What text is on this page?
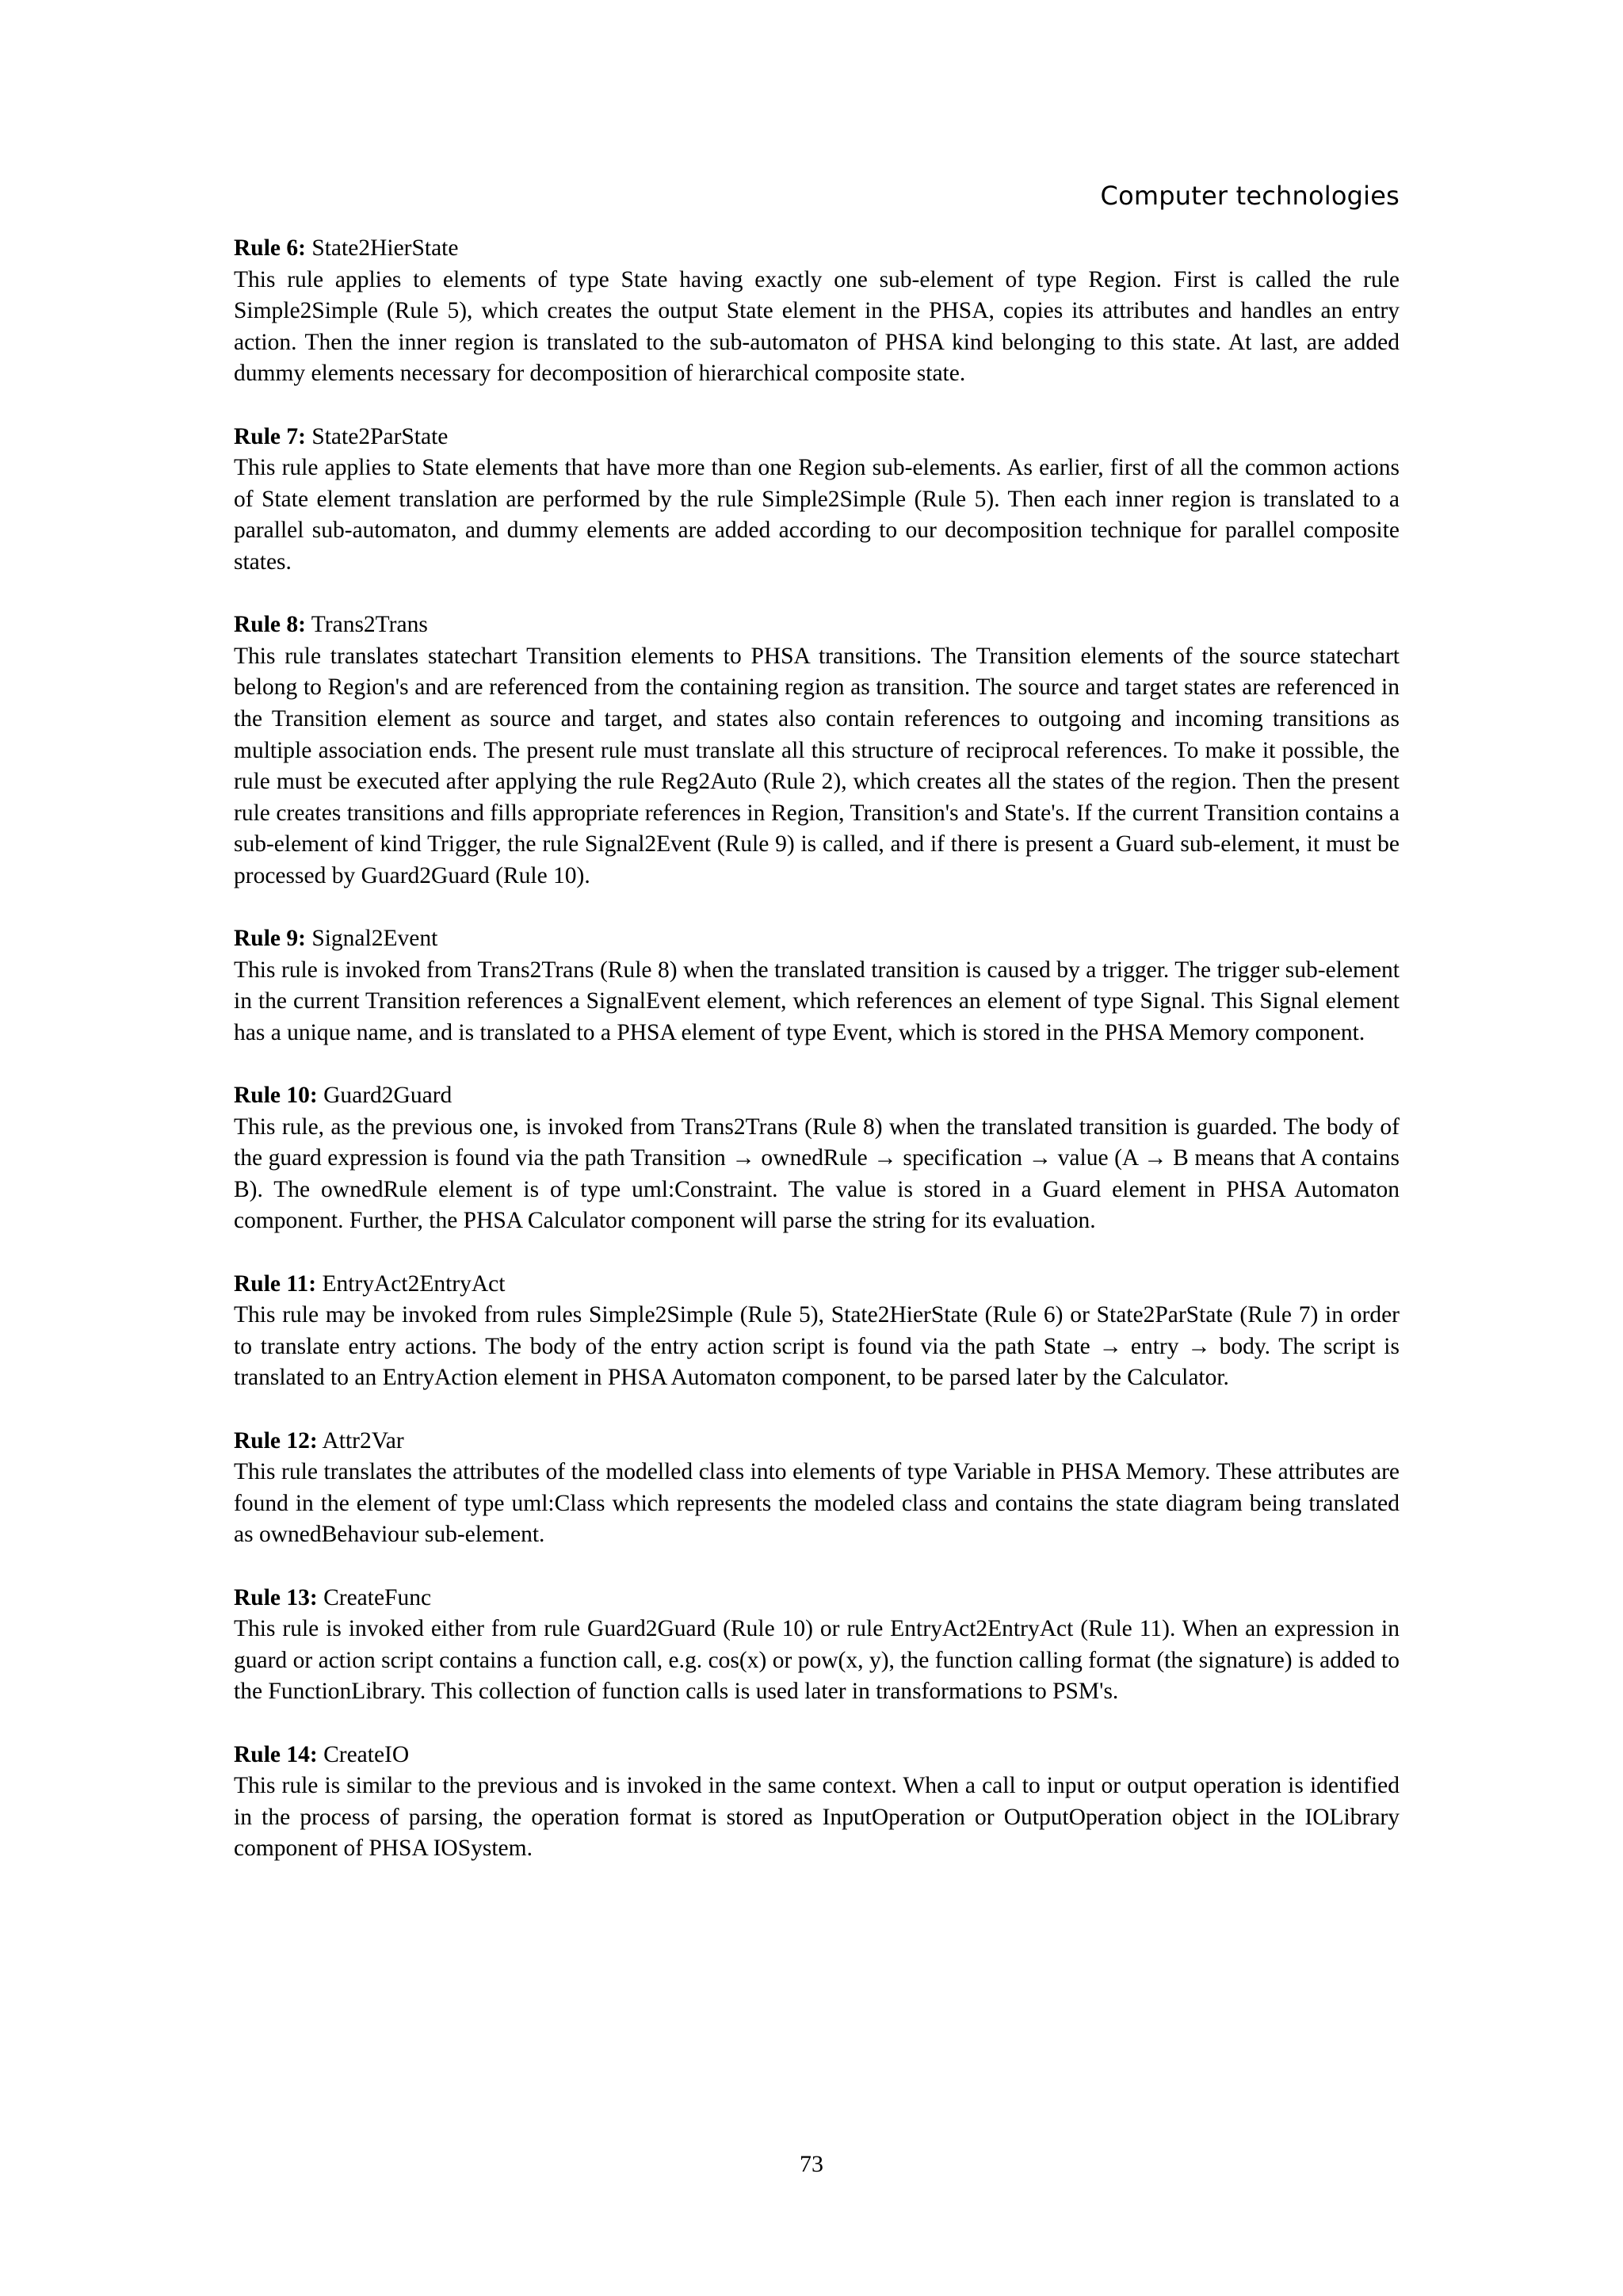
Computer technologies

Rule 6: State2HierState

This rule applies to elements of type State having exactly one sub-element of type Region. First is called the rule Simple2Simple (Rule 5), which creates the output State element in the PHSA, copies its attributes and handles an entry action. Then the inner region is translated to the sub-automaton of PHSA kind belonging to this state. At last, are added dummy elements necessary for decomposition of hierarchical composite state.

Rule 7: State2ParState

This rule applies to State elements that have more than one Region sub-elements. As earlier, first of all the common actions of State element translation are performed by the rule Simple2Simple (Rule 5). Then each inner region is translated to a parallel sub-automaton, and dummy elements are added according to our decomposition technique for parallel composite states.

Rule 8: Trans2Trans

This rule translates statechart Transition elements to PHSA transitions. The Transition elements of the source statechart belong to Region's and are referenced from the containing region as transition. The source and target states are referenced in the Transition element as source and target, and states also contain references to outgoing and incoming transitions as multiple association ends. The present rule must translate all this structure of reciprocal references. To make it possible, the rule must be executed after applying the rule Reg2Auto (Rule 2), which creates all the states of the region. Then the present rule creates transitions and fills appropriate references in Region, Transition's and State's. If the current Transition contains a sub-element of kind Trigger, the rule Signal2Event (Rule 9) is called, and if there is present a Guard sub-element, it must be processed by Guard2Guard (Rule 10).

Rule 9: Signal2Event

This rule is invoked from Trans2Trans (Rule 8) when the translated transition is caused by a trigger. The trigger sub-element in the current Transition references a SignalEvent element, which references an element of type Signal. This Signal element has a unique name, and is translated to a PHSA element of type Event, which is stored in the PHSA Memory component.

Rule 10: Guard2Guard

This rule, as the previous one, is invoked from Trans2Trans (Rule 8) when the translated transition is guarded. The body of the guard expression is found via the path Transition → ownedRule → specification → value (A → B means that A contains B). The ownedRule element is of type uml:Constraint. The value is stored in a Guard element in PHSA Automaton component. Further, the PHSA Calculator component will parse the string for its evaluation.

Rule 11: EntryAct2EntryAct

This rule may be invoked from rules Simple2Simple (Rule 5), State2HierState (Rule 6) or State2ParState (Rule 7) in order to translate entry actions. The body of the entry action script is found via the path State → entry → body. The script is translated to an EntryAction element in PHSA Automaton component, to be parsed later by the Calculator.

Rule 12: Attr2Var

This rule translates the attributes of the modelled class into elements of type Variable in PHSA Memory. These attributes are found in the element of type uml:Class which represents the modeled class and contains the state diagram being translated as ownedBehaviour sub-element.

Rule 13: CreateFunc

This rule is invoked either from rule Guard2Guard (Rule 10) or rule EntryAct2EntryAct (Rule 11). When an expression in guard or action script contains a function call, e.g. cos(x) or pow(x, y), the function calling format (the signature) is added to the FunctionLibrary. This collection of function calls is used later in transformations to PSM's.

Rule 14: CreateIO

This rule is similar to the previous and is invoked in the same context. When a call to input or output operation is identified in the process of parsing, the operation format is stored as InputOperation or OutputOperation object in the IOLibrary component of PHSA IOSystem.

73
